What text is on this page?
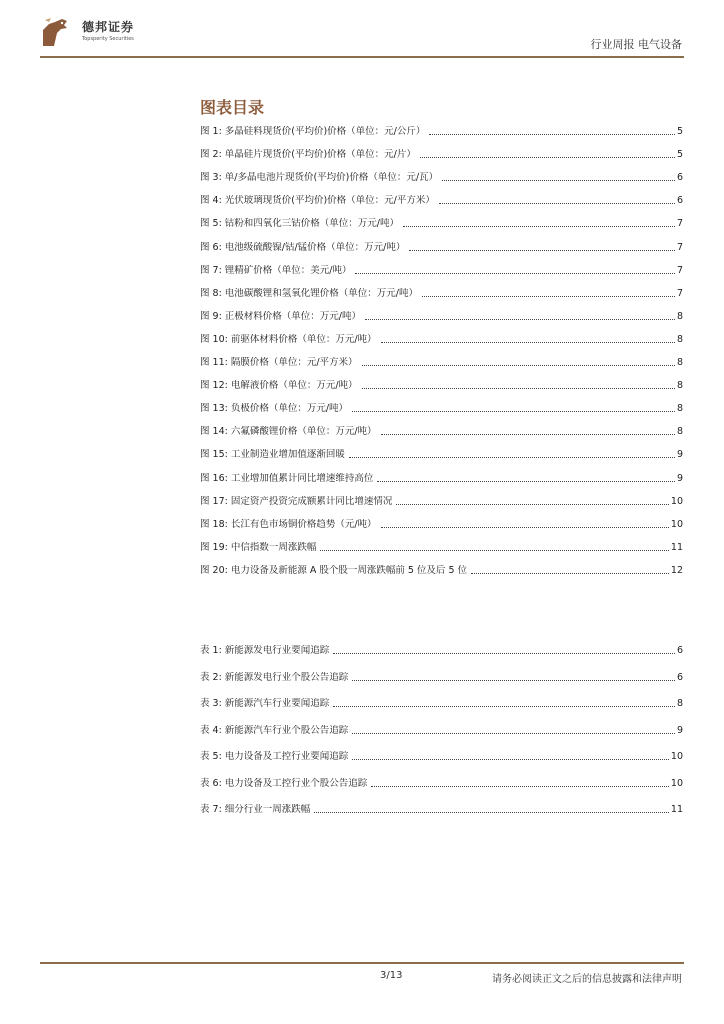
德邦证券
Topsperity Securities	行业周报 电气设备
图表目录
图 1: 多晶硅料现货价(平均价)价格（单位：元/公斤）	5
图 2: 单晶硅片现货价(平均价)价格（单位：元/片）	5
图 3: 单/多晶电池片现货价(平均价)价格（单位：元/瓦）	6
图 4: 光伏玻璃现货价(平均价)价格（单位：元/平方米）	6
图 5: 钴粉和四氧化三钴价格（单位：万元/吨）	7
图 6: 电池级硫酸镍/钴/锰价格（单位：万元/吨）	7
图 7: 锂精矿价格（单位：美元/吨）	7
图 8: 电池碳酸锂和氢氧化锂价格（单位：万元/吨）	7
图 9: 正极材料价格（单位：万元/吨）	8
图 10: 前驱体材料价格（单位：万元/吨）	8
图 11: 隔膜价格（单位：元/平方米）	8
图 12: 电解液价格（单位：万元/吨）	8
图 13: 负极价格（单位：万元/吨）	8
图 14: 六氟磷酸锂价格（单位：万元/吨）	8
图 15: 工业制造业增加值逐渐回暖	9
图 16: 工业增加值累计同比增速维持高位	9
图 17: 固定资产投资完成额累计同比增速情况	10
图 18: 长江有色市场铜价格趋势（元/吨）	10
图 19: 中信指数一周涨跌幅	11
图 20: 电力设备及新能源 A 股个股一周涨跌幅前 5 位及后 5 位	12
表 1: 新能源发电行业要闻追踪	6
表 2: 新能源发电行业个股公告追踪	6
表 3: 新能源汽车行业要闻追踪	8
表 4: 新能源汽车行业个股公告追踪	9
表 5: 电力设备及工控行业要闻追踪	10
表 6: 电力设备及工控行业个股公告追踪	10
表 7: 细分行业一周涨跌幅	11
3/13	请务必阅读正文之后的信息披露和法律声明
